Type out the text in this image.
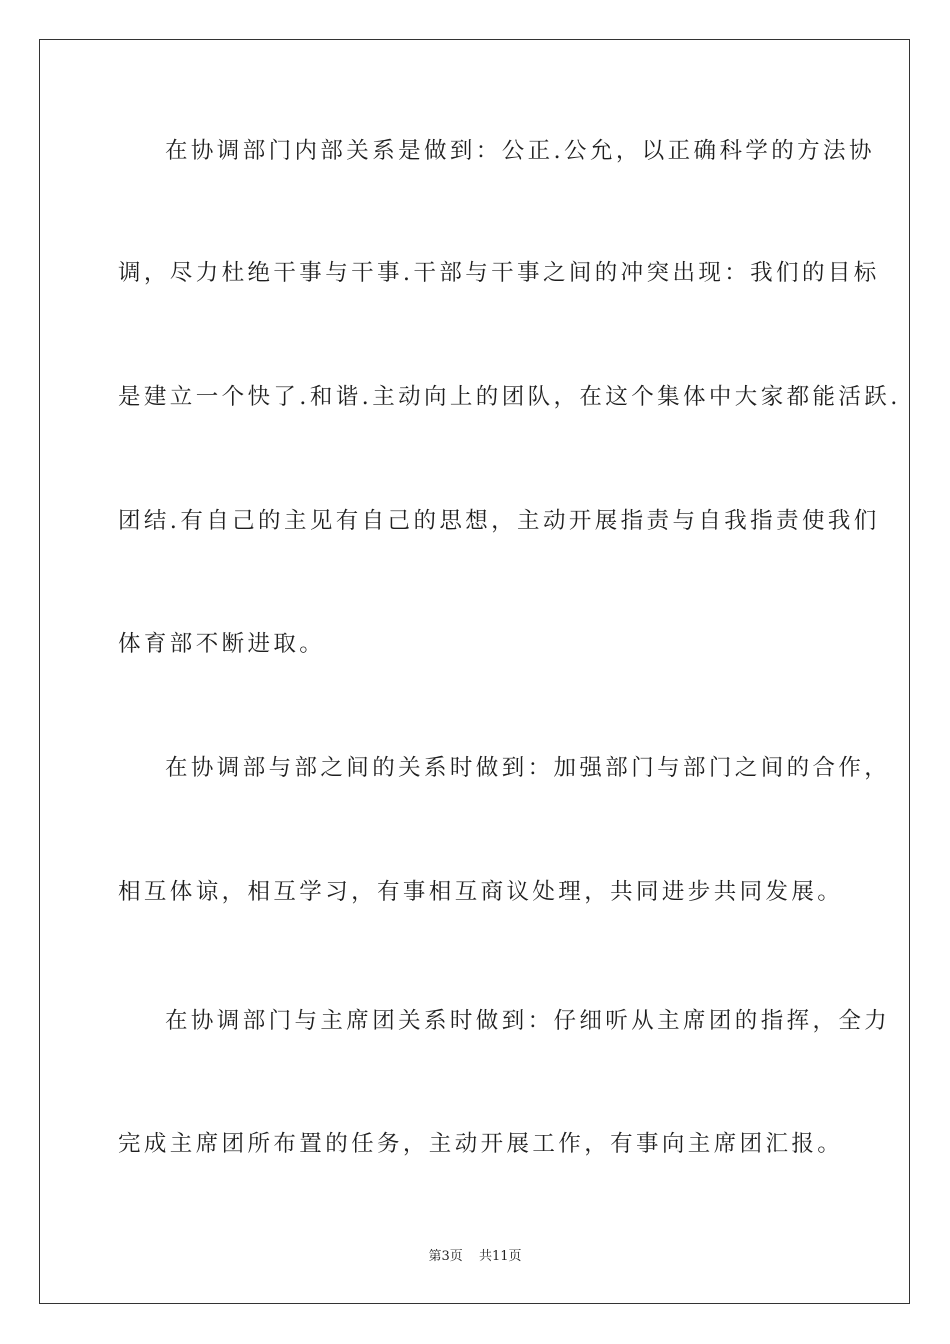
在协调部门内部关系是做到：公正.公允，以正确科学的方法协
调，尽力杜绝干事与干事.干部与干事之间的冲突出现：我们的目标
是建立一个快了.和谐.主动向上的团队，在这个集体中大家都能活跃.
团结.有自己的主见有自己的思想，主动开展指责与自我指责使我们
体育部不断进取。
在协调部与部之间的关系时做到：加强部门与部门之间的合作，
相互体谅，相互学习，有事相互商议处理，共同进步共同发展。
在协调部门与主席团关系时做到：仔细听从主席团的指挥，全力
完成主席团所布置的任务，主动开展工作，有事向主席团汇报。
第3页 共11页
